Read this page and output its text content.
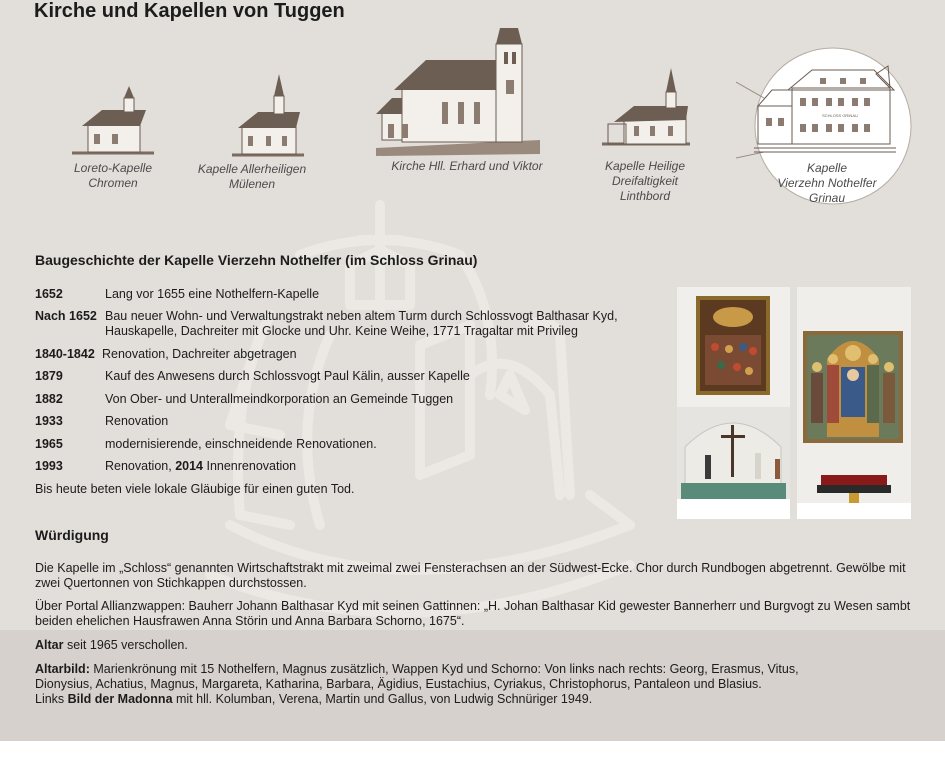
Kirche und Kapellen von Tuggen
Loreto-Kapelle
Chromen
Kapelle Allerheiligen
Mülenen
Kirche Hll. Erhard und Viktor	Kapelle Heilige
Dreifaltigkeit
Linthbord
SCHLOSS GRINAU
Kapelle
Vierzehn Nothelfer
Grinau
Baugeschichte der Kapelle Vierzehn Nothelfer (im Schloss Grinau)
1652	Lang vor 1655 eine Nothelfern-Kapelle
Nach 1652 Bau neuer Wohn- und Verwaltungstrakt neben altem Turm durch Schlossvogt Balthasar Kyd,
Hauskapelle, Dachreiter mit Glocke und Uhr. Keine Weihe, 1771 Tragaltar mit Privileg
1840-1842 Renovation, Dachreiter abgetragen
1879	Kauf des Anwesens durch Schlossvogt Paul Kälin, ausser Kapelle
1882	Von Ober- und Unterallmeindkorporation an Gemeinde Tuggen
1933	Renovation
1965	modernisierende, einschneidende Renovationen.
1993	Renovation, 2014 Innenrenovation
Bis heute beten viele lokale Gläubige für einen guten Tod.
Würdigung
Die Kapelle im „Schloss“ genannten Wirtschaftstrakt mit zweimal zwei Fensterachsen an der Südwest-Ecke. Chor durch Rundbogen abgetrennt. Gewölbe mit zwei Quertonnen von Stichkappen durchstossen.
Über Portal Allianzwappen: Bauherr Johann Balthasar Kyd mit seinen Gattinnen: „H. Johan Balthasar Kid gewester Bannerherr und Burgvogt zu Wesen sambt beiden ehelichen Hausfrawen Anna Störin und Anna Barbara Schorno, 1675“.
Altar seit 1965 verschollen.
Altarbild: Marienkrönung mit 15 Nothelfern, Magnus zusätzlich, Wappen Kyd und Schorno: Von links nach rechts: Georg, Erasmus, Vitus,
Dionysius, Achatius, Magnus, Margareta, Katharina, Barbara, Ägidius, Eustachius, Cyriakus, Christophorus, Pantaleon und Blasius.
Links Bild der Madonna mit hll. Kolumban, Verena, Martin und Gallus, von Ludwig Schnüriger 1949.
